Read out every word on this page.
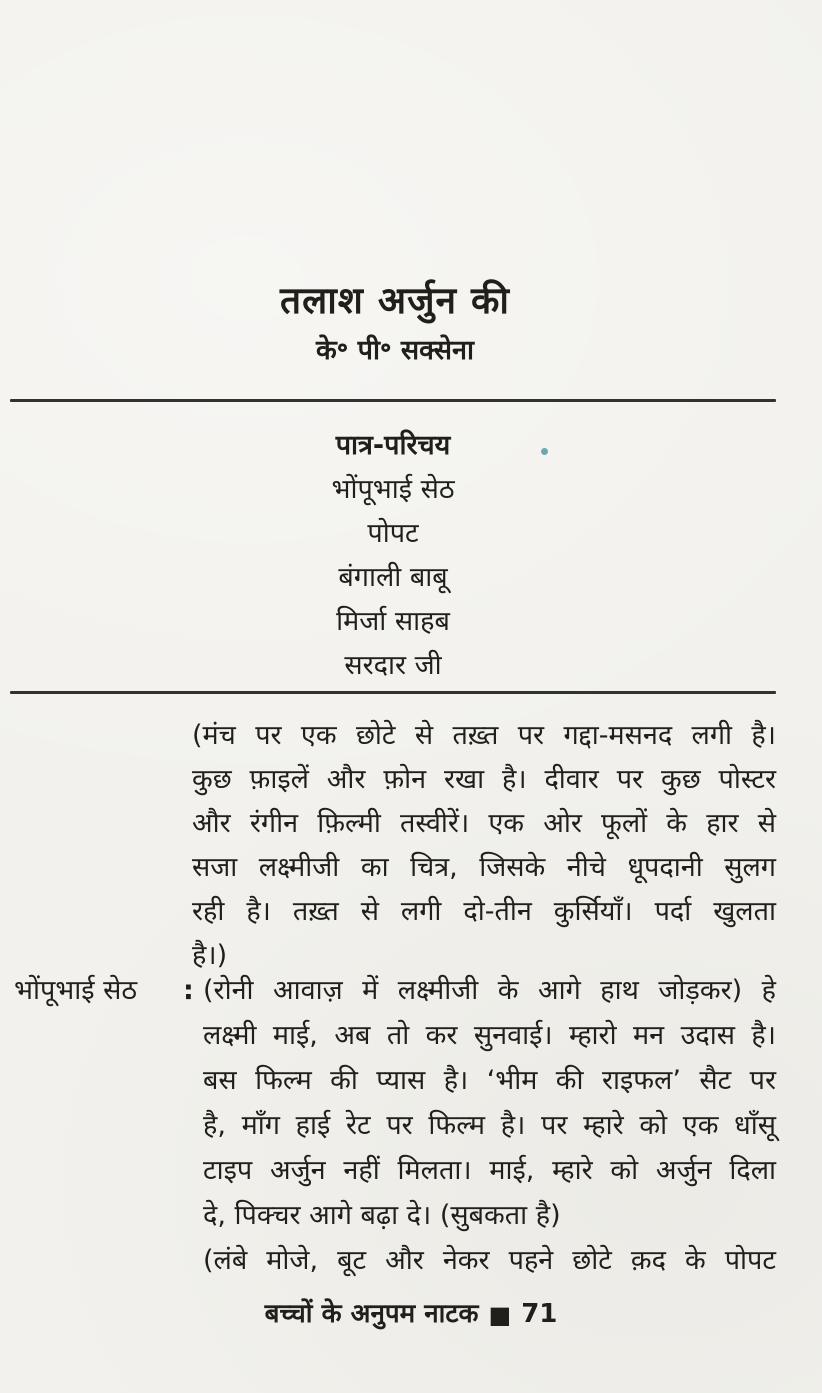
तलाश अर्जुन की
के॰ पी॰ सक्सेना
पात्र-परिचय
भोंपूभाई सेठ
पोपट
बंगाली बाबू
मिर्जा साहब
सरदार जी
(मंच पर एक छोटे से तख़्त पर गद्दा-मसनद लगी है।
कुछ फ़ाइलें और फ़ोन रखा है। दीवार पर कुछ पोस्टर
और रंगीन फ़िल्मी तस्वीरें। एक ओर फूलों के हार से
सजा लक्ष्मीजी का चित्र, जिसके नीचे धूपदानी सुलग
रही है। तख़्त से लगी दो-तीन कुर्सियाँ। पर्दा खुलता
है।)
भोंपूभाई सेठ	: (रोनी आवाज़ में लक्ष्मीजी के आगे हाथ जोड़कर) हे
लक्ष्मी माई, अब तो कर सुनवाई। म्हारो मन उदास है।
बस फिल्म की प्यास है। ‘भीम की राइफल’ सैट पर
है, माँग हाई रेट पर फिल्म है। पर म्हारे को एक धाँसू
टाइप अर्जुन नहीं मिलता। माई, म्हारे को अर्जुन दिला
दे, पिक्चर आगे बढ़ा दे। (सुबकता है)
(लंबे मोजे, बूट और नेकर पहने छोटे क़द के पोपट
बच्चों के अनुपम नाटक ■ 71
